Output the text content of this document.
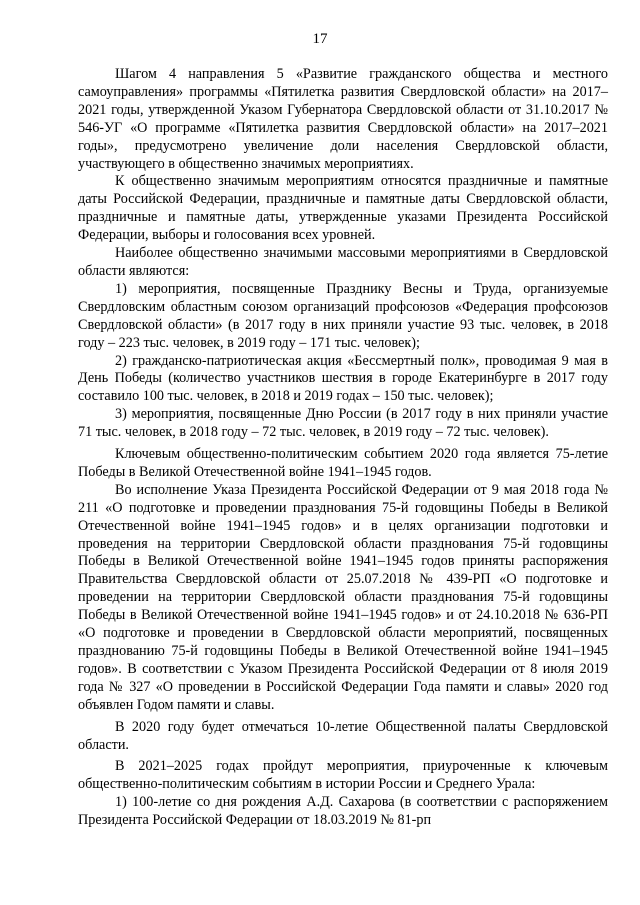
17

Шагом 4 направления 5 «Развитие гражданского общества и местного самоуправления» программы «Пятилетка развития Свердловской области» на 2017–2021 годы, утвержденной Указом Губернатора Свердловской области от 31.10.2017 № 546-УГ «О программе «Пятилетка развития Свердловской области» на 2017–2021 годы», предусмотрено увеличение доли населения Свердловской области, участвующего в общественно значимых мероприятиях.

К общественно значимым мероприятиям относятся праздничные и памятные даты Российской Федерации, праздничные и памятные даты Свердловской области, праздничные и памятные даты, утвержденные указами Президента Российской Федерации, выборы и голосования всех уровней.

Наиболее общественно значимыми массовыми мероприятиями в Свердловской области являются:

1) мероприятия, посвященные Празднику Весны и Труда, организуемые Свердловским областным союзом организаций профсоюзов «Федерация профсоюзов Свердловской области» (в 2017 году в них приняли участие 93 тыс. человек, в 2018 году – 223 тыс. человек, в 2019 году – 171 тыс. человек);

2) гражданско-патриотическая акция «Бессмертный полк», проводимая 9 мая в День Победы (количество участников шествия в городе Екатеринбурге в 2017 году составило 100 тыс. человек, в 2018 и 2019 годах – 150 тыс. человек);

3) мероприятия, посвященные Дню России (в 2017 году в них приняли участие 71 тыс. человек, в 2018 году – 72 тыс. человек, в 2019 году – 72 тыс. человек).

Ключевым общественно-политическим событием 2020 года является 75-летие Победы в Великой Отечественной войне 1941–1945 годов.

Во исполнение Указа Президента Российской Федерации от 9 мая 2018 года № 211 «О подготовке и проведении празднования 75-й годовщины Победы в Великой Отечественной войне 1941–1945 годов» и в целях организации подготовки и проведения на территории Свердловской области празднования 75-й годовщины Победы в Великой Отечественной войне 1941–1945 годов приняты распоряжения Правительства Свердловской области от 25.07.2018 № 439-РП «О подготовке и проведении на территории Свердловской области празднования 75-й годовщины Победы в Великой Отечественной войне 1941–1945 годов» и от 24.10.2018 № 636-РП «О подготовке и проведении в Свердловской области мероприятий, посвященных празднованию 75-й годовщины Победы в Великой Отечественной войне 1941–1945 годов». В соответствии с Указом Президента Российской Федерации от 8 июля 2019 года № 327 «О проведении в Российской Федерации Года памяти и славы» 2020 год объявлен Годом памяти и славы.

В 2020 году будет отмечаться 10-летие Общественной палаты Свердловской области.

В 2021–2025 годах пройдут мероприятия, приуроченные к ключевым общественно-политическим событиям в истории России и Среднего Урала:

1) 100-летие со дня рождения А.Д. Сахарова (в соответствии с распоряжением Президента Российской Федерации от 18.03.2019 № 81-рп
